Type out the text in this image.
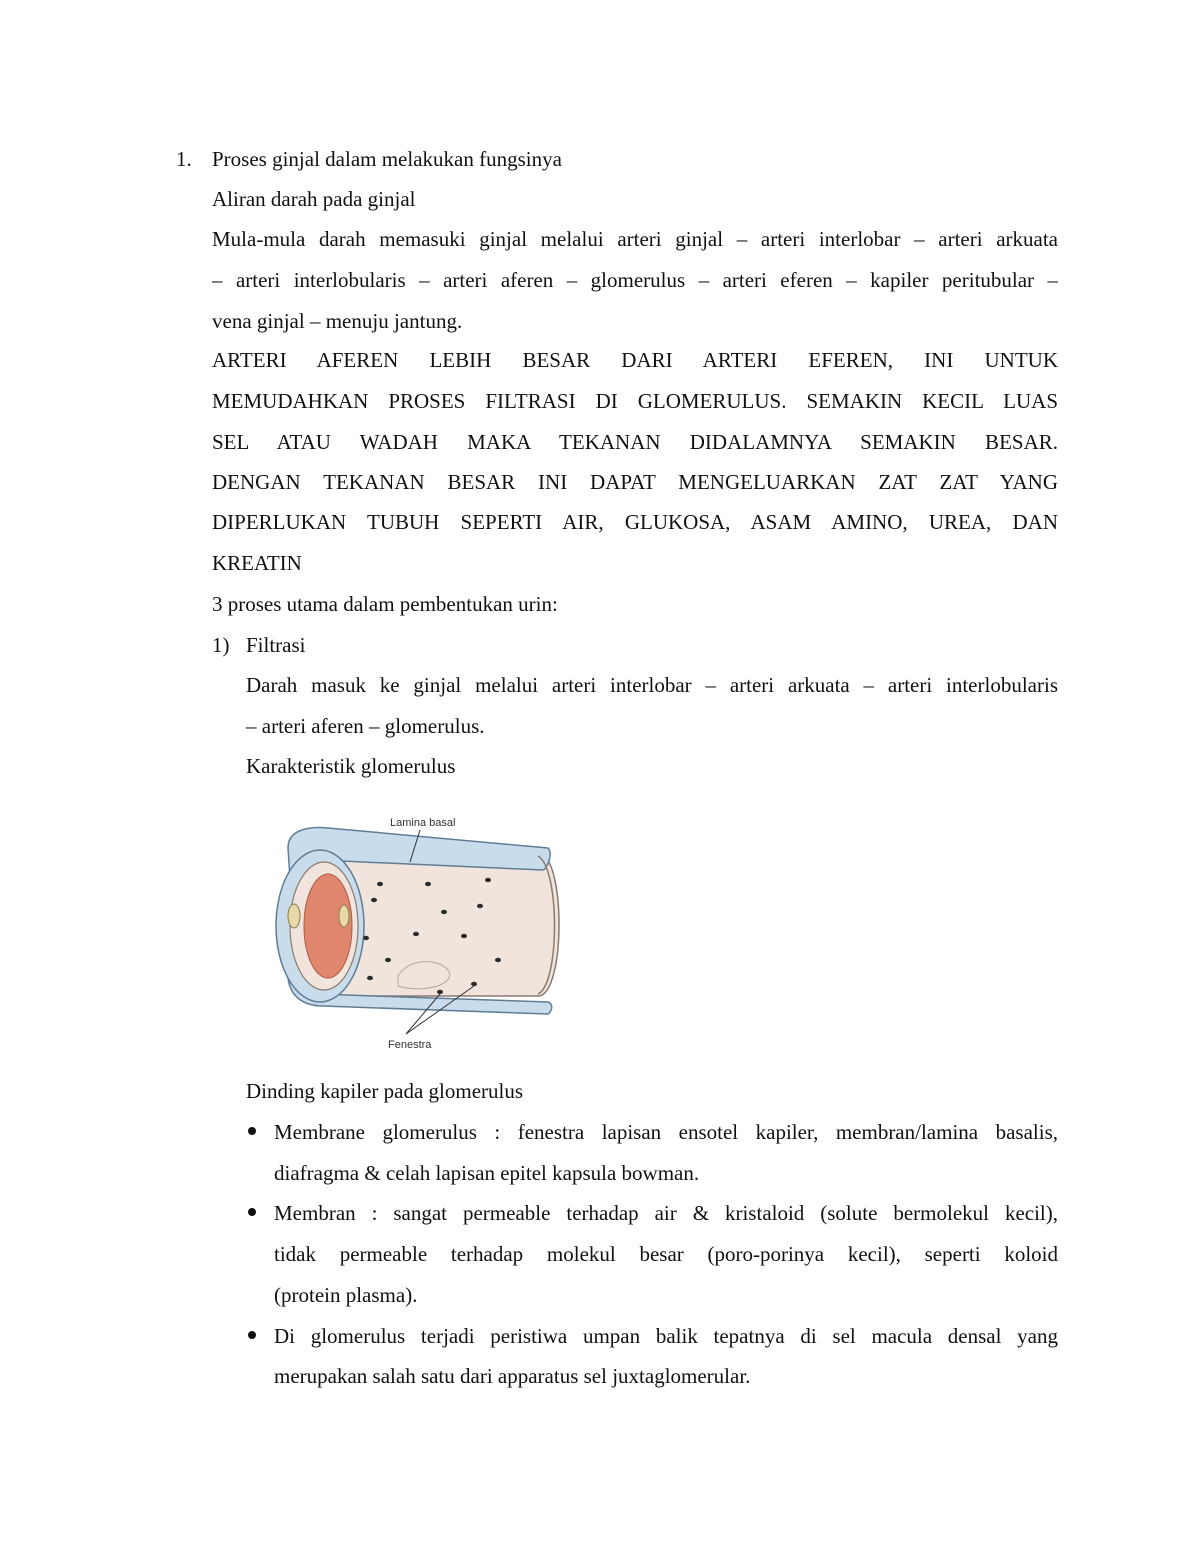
1. Proses ginjal dalam melakukan fungsinya
Aliran darah pada ginjal
Mula-mula darah memasuki ginjal melalui arteri ginjal – arteri interlobar – arteri arkuata
– arteri interlobularis – arteri aferen – glomerulus – arteri eferen – kapiler peritubular –
vena ginjal – menuju jantung.
ARTERI AFEREN LEBIH BESAR DARI ARTERI EFEREN, INI UNTUK
MEMUDAHKAN PROSES FILTRASI DI GLOMERULUS. SEMAKIN KECIL LUAS
SEL ATAU WADAH MAKA TEKANAN DIDALAMNYA SEMAKIN BESAR.
DENGAN TEKANAN BESAR INI DAPAT MENGELUARKAN ZAT ZAT YANG
DIPERLUKAN TUBUH SEPERTI AIR, GLUKOSA, ASAM AMINO, UREA, DAN
KREATIN
3 proses utama dalam pembentukan urin:
1) Filtrasi
Darah masuk ke ginjal melalui arteri interlobar – arteri arkuata – arteri interlobularis
– arteri aferen – glomerulus.
Karakteristik glomerulus
Lamina basal
Fenestra
Dinding kapiler pada glomerulus
Membrane glomerulus : fenestra lapisan ensotel kapiler, membran/lamina basalis,
diafragma & celah lapisan epitel kapsula bowman.
Membran : sangat permeable terhadap air & kristaloid (solute bermolekul kecil),
tidak permeable terhadap molekul besar (poro-porinya kecil), seperti koloid
(protein plasma).
Di glomerulus terjadi peristiwa umpan balik tepatnya di sel macula densal yang
merupakan salah satu dari apparatus sel juxtaglomerular.
